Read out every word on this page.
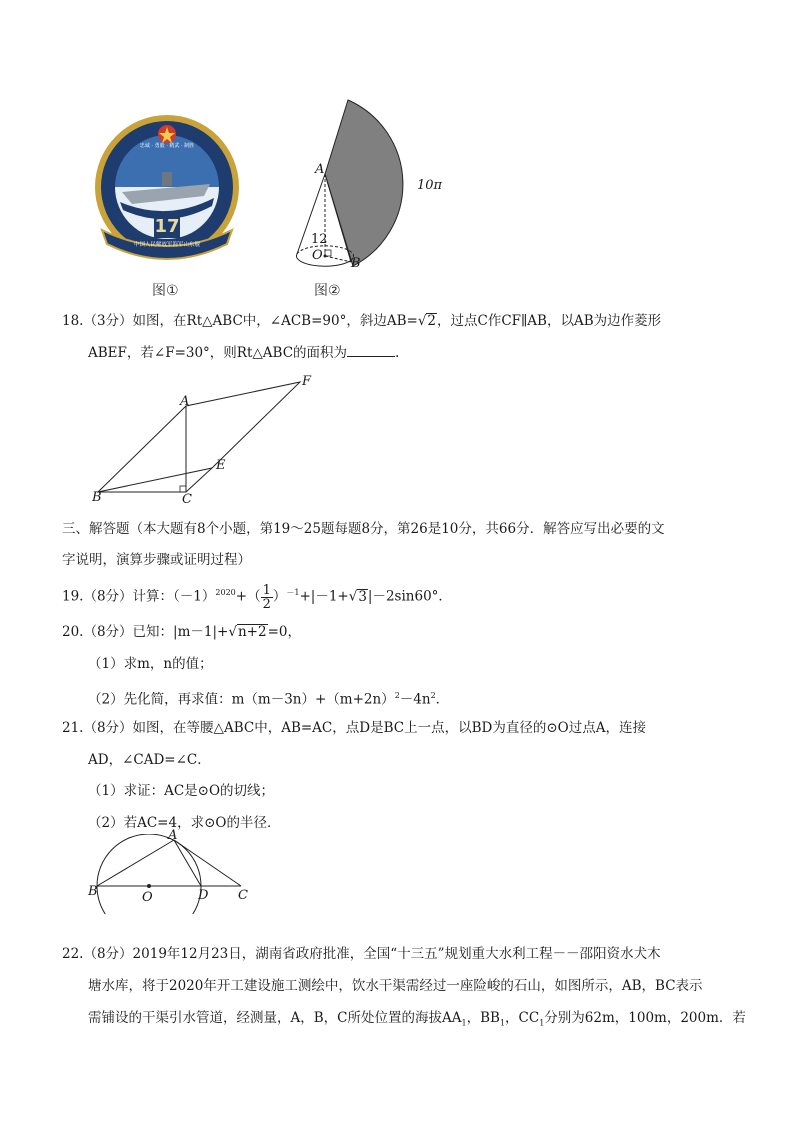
17
忠诚 · 勇毅 · 精武 · 制胜
中国人民解放军海军山东舰
图①
A
10π
12
O
B
图②
18.（3分）如图，在Rt△ABC中，∠ACB=90°，斜边AB=√2，过点C作CF∥AB，以AB为边作菱形
ABEF，若∠F=30°，则Rt△ABC的面积为	.
A
F
E
B	C
三、解答题（本大题有8个小题，第19～25题每题8分，第26是10分，共66分．解答应写出必要的文
字说明，演算步骤或证明过程）
19.（8分）计算：$(-1)^{2020}+( \frac{1}{2} )^{-1}+|-1+√3|-2\sin 60^\circ$．
20.（8分）已知：|m－1|+√n+2=0，
（1）求m，n的值；
（2）先化简，再求值：$m(m-3n)+(m+2n)^2-4n^2$．
21.（8分）如图，在等腰△ABC中，AB=AC，点D是BC上一点，以BD为直径的⊙O过点A，连接
AD，∠CAD=∠C．
（1）求证：AC是⊙O的切线；
（2）若AC=4，求⊙O的半径．
A
B	O	D C
22.（8分）2019年12月23日，湖南省政府批准，全国“十三五”规划重大水利工程－－邵阳资水犬木
塘水库，将于2020年开工建设施工测绘中，饮水干渠需经过一座险峻的石山，如图所示，AB，BC表示
需铺设的干渠引水管道，经测量，A，B，C所处位置的海拔$AA_1$，$BB_1$，$CC_1$分别为62m，100m，200m．若
